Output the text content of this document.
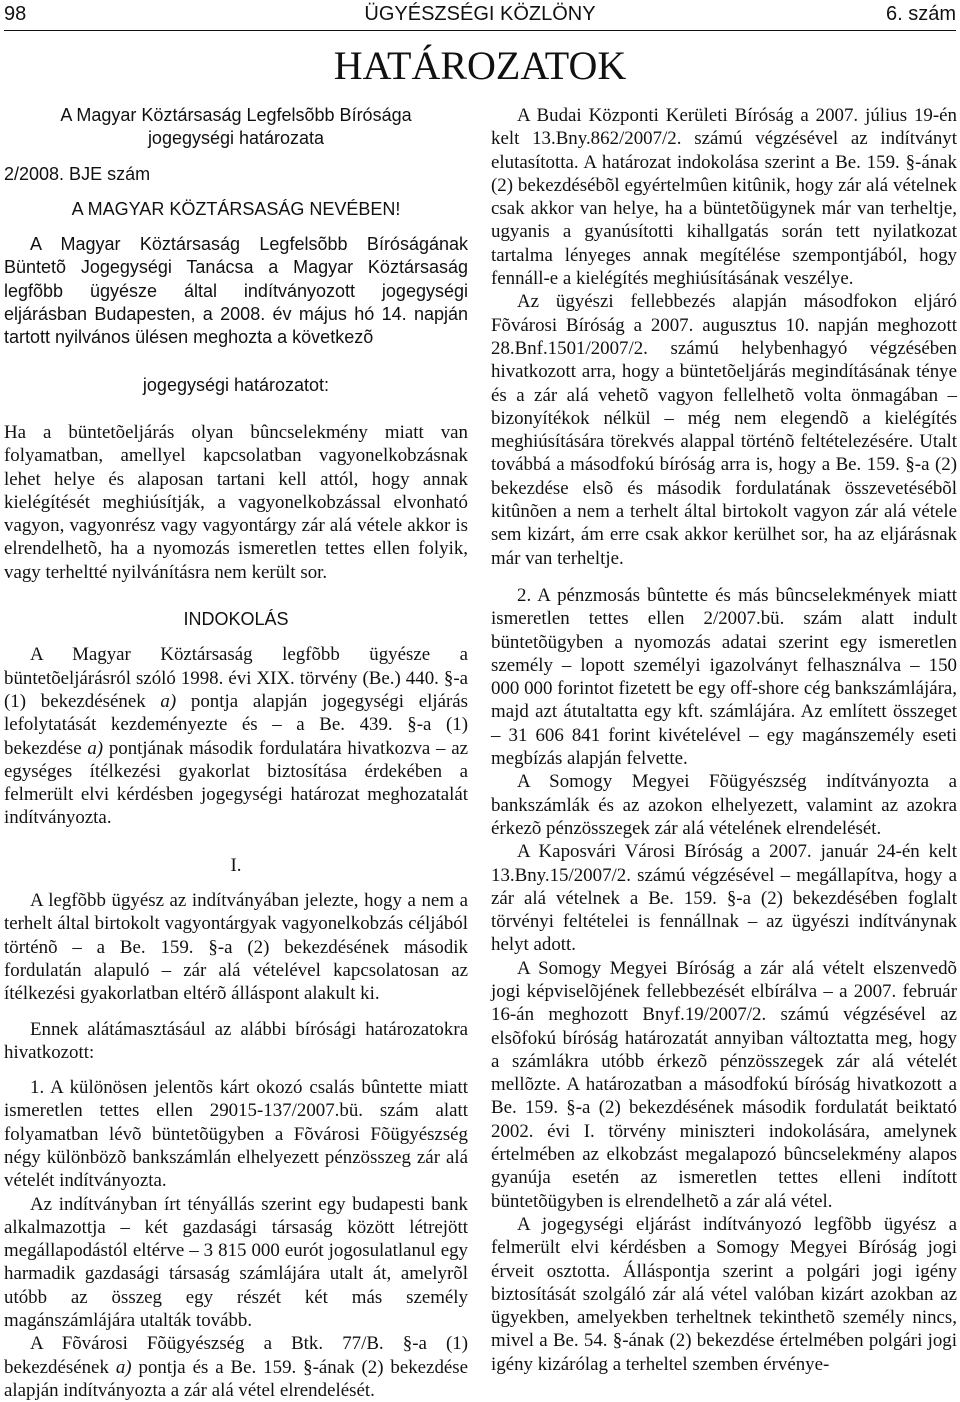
98	ÜGYÉSZSÉGI KÖZLÖNY	6. szám
HATÁROZATOK

A Magyar Köztársaság Legfelsõbb Bírósága

jogegységi határozata

2/2008. BJE szám

A MAGYAR KÖZTÁRSASÁG NEVÉBEN!

A Magyar Köztársaság Legfelsõbb Bíróságának Büntetõ Jogegységi Tanácsa a Magyar Köztársaság legfõbb ügyésze által indítványozott jogegységi eljárásban Budapesten, a 2008. év május hó 14. napján tartott nyilvános ülésen meghozta a következõ

jogegységi határozatot:

Ha a büntetõeljárás olyan bûncselekmény miatt van folyamatban, amellyel kapcsolatban vagyonelkobzásnak lehet helye és alaposan tartani kell attól, hogy annak kielégítését meghiúsítják, a vagyonelkobzással elvonható vagyon, vagyonrész vagy vagyontárgy zár alá vétele akkor is elrendelhetõ, ha a nyomozás ismeretlen tettes ellen folyik, vagy terheltté nyilvánításra nem került sor.

INDOKOLÁS

A Magyar Köztársaság legfõbb ügyésze a büntetõeljárásról szóló 1998. évi XIX. törvény (Be.) 440. §-a (1) bekezdésének a) pontja alapján jogegységi eljárás lefolytatását kezdeményezte és – a Be. 439. §-a (1) bekezdése a) pontjának második fordulatára hivatkozva – az egységes ítélkezési gyakorlat biztosítása érdekében a felmerült elvi kérdésben jogegységi határozat meghozatalát indítványozta.

I.

A legfõbb ügyész az indítványában jelezte, hogy a nem a terhelt által birtokolt vagyontárgyak vagyonelkobzás céljából történõ – a Be. 159. §-a (2) bekezdésének második fordulatán alapuló – zár alá vételével kapcsolatosan az ítélkezési gyakorlatban eltérõ álláspont alakult ki.

Ennek alátámasztásául az alábbi bírósági határozatokra hivatkozott:

1. A különösen jelentõs kárt okozó csalás bûntette miatt ismeretlen tettes ellen 29015-137/2007.bü. szám alatt folyamatban lévõ büntetõügyben a Fõvárosi Fõügyészség négy különbözõ bankszámlán elhelyezett pénzösszeg zár alá vételét indítványozta.

Az indítványban írt tényállás szerint egy budapesti bank alkalmazottja – két gazdasági társaság között létrejött megállapodástól eltérve – 3 815 000 eurót jogosulatlanul egy harmadik gazdasági társaság számlájára utalt át, amelyrõl utóbb az összeg egy részét két más személy magánszámlájára utalták tovább.

A Fõvárosi Fõügyészség a Btk. 77/B. §-a (1) bekezdésének a) pontja és a Be. 159. §-ának (2) bekezdése alapján indítványozta a zár alá vétel elrendelését.

A Budai Központi Kerületi Bíróság a 2007. július 19-én kelt 13.Bny.862/2007/2. számú végzésével az indítványt elutasította. A határozat indokolása szerint a Be. 159. §-ának (2) bekezdésébõl egyértelmûen kitûnik, hogy zár alá vételnek csak akkor van helye, ha a büntetõügynek már van terheltje, ugyanis a gyanúsítotti kihallgatás során tett nyilatkozat tartalma lényeges annak megítélése szempontjából, hogy fennáll-e a kielégítés meghiúsításának veszélye.

Az ügyészi fellebbezés alapján másodfokon eljáró Fõvárosi Bíróság a 2007. augusztus 10. napján meghozott 28.Bnf.1501/2007/2. számú helybenhagyó végzésében hivatkozott arra, hogy a büntetõeljárás megindításának ténye és a zár alá vehetõ vagyon fellelhetõ volta önmagában – bizonyítékok nélkül – még nem elegendõ a kielégítés meghiúsítására törekvés alappal történõ feltételezésére. Utalt továbbá a másodfokú bíróság arra is, hogy a Be. 159. §-a (2) bekezdése elsõ és második fordulatának összevetésébõl kitûnõen a nem a terhelt által birtokolt vagyon zár alá vétele sem kizárt, ám erre csak akkor kerülhet sor, ha az eljárásnak már van terheltje.

2. A pénzmosás bûntette és más bûncselekmények miatt ismeretlen tettes ellen 2/2007.bü. szám alatt indult büntetõügyben a nyomozás adatai szerint egy ismeretlen személy – lopott személyi igazolványt felhasználva – 150 000 000 forintot fizetett be egy off-shore cég bankszámlájára, majd azt átutaltatta egy kft. számlájára. Az említett összeget – 31 606 841 forint kivételével – egy magánszemély eseti megbízás alapján felvette.

A Somogy Megyei Fõügyészség indítványozta a bankszámlák és az azokon elhelyezett, valamint az azokra érkezõ pénzösszegek zár alá vételének elrendelését.

A Kaposvári Városi Bíróság a 2007. január 24-én kelt 13.Bny.15/2007/2. számú végzésével – megállapítva, hogy a zár alá vételnek a Be. 159. §-a (2) bekezdésében foglalt törvényi feltételei is fennállnak – az ügyészi indítványnak helyt adott.

A Somogy Megyei Bíróság a zár alá vételt elszenvedõ jogi képviselõjének fellebbezését elbírálva – a 2007. február 16-án meghozott Bnyf.19/2007/2. számú végzésével az elsõfokú bíróság határozatát annyiban változtatta meg, hogy a számlákra utóbb érkezõ pénzösszegek zár alá vételét mellõzte. A határozatban a másodfokú bíróság hivatkozott a Be. 159. §-a (2) bekezdésének második fordulatát beiktató 2002. évi I. törvény miniszteri indokolására, amelynek értelmében az elkobzást megalapozó bûncselekmény alapos gyanúja esetén az ismeretlen tettes elleni indított büntetõügyben is elrendelhetõ a zár alá vétel.

A jogegységi eljárást indítványozó legfõbb ügyész a felmerült elvi kérdésben a Somogy Megyei Bíróság jogi érveit osztotta. Álláspontja szerint a polgári jogi igény biztosítását szolgáló zár alá vétel valóban kizárt azokban az ügyekben, amelyekben terheltnek tekinthetõ személy nincs, mivel a Be. 54. §-ának (2) bekezdése értelmében polgári jogi igény kizárólag a terheltel szemben érvénye-
